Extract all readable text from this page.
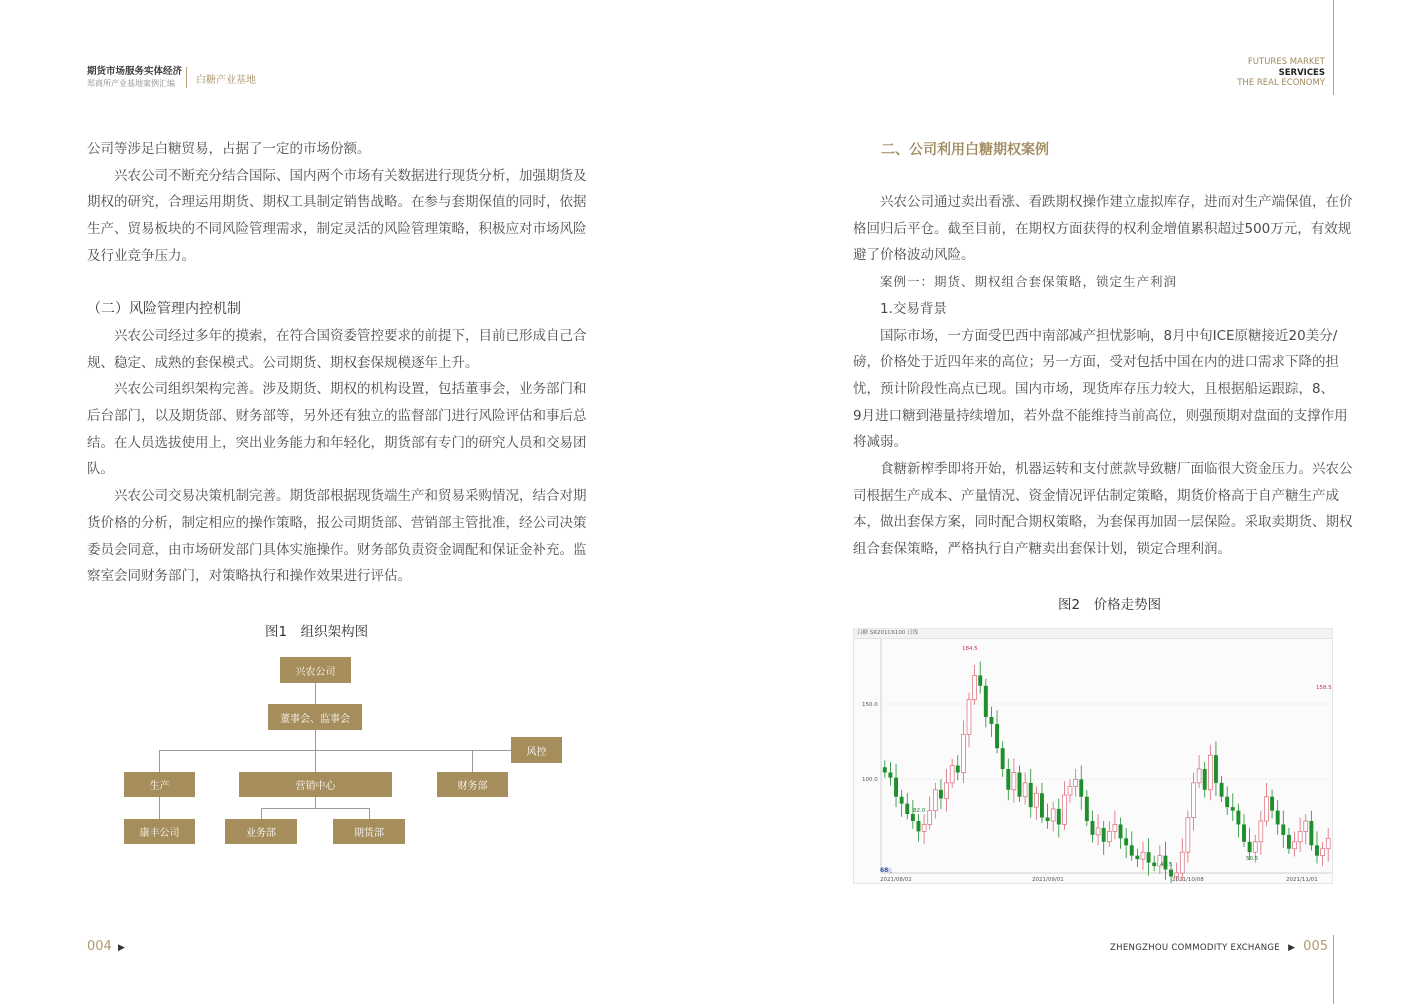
期货市场服务实体经济
郑商所产业基地案例汇编	白糖产业基地
FUTURES MARKET
SERVICES
THE REAL ECONOMY

公司等涉足白糖贸易，占据了一定的市场份额。

　　兴农公司不断充分结合国际、国内两个市场有关数据进行现货分析，加强期货及

期权的研究，合理运用期货、期权工具制定销售战略。在参与套期保值的同时，依据

生产、贸易板块的不同风险管理需求，制定灵活的风险管理策略，积极应对市场风险

及行业竞争压力。

（二）风险管理内控机制

　　兴农公司经过多年的摸索，在符合国资委管控要求的前提下，目前已形成自己合

规、稳定、成熟的套保模式。公司期货、期权套保规模逐年上升。

　　兴农公司组织架构完善。涉及期货、期权的机构设置，包括董事会，业务部门和

后台部门，以及期货部、财务部等，另外还有独立的监督部门进行风险评估和事后总

结。在人员选拔使用上，突出业务能力和年轻化，期货部有专门的研究人员和交易团

队。

　　兴农公司交易决策机制完善。期货部根据现货端生产和贸易采购情况，结合对期

货价格的分析，制定相应的操作策略，报公司期货部、营销部主管批准，经公司决策

委员会同意，由市场研发部门具体实施操作。财务部负责资金调配和保证金补充。监

察室会同财务部门，对策略执行和操作效果进行评估。

图1　组织架构图
兴农公司
董事会、监事会
风控
生产	营销中心	财务部
康丰公司	业务部	期货部
二、公司利用白糖期权案例

　　兴农公司通过卖出看涨、看跌期权操作建立虚拟库存，进而对生产端保值，在价

格回归后平仓。截至目前，在期权方面获得的权利金增值累积超过500万元，有效规

避了价格波动风险。

　　案例一：期货、期权组合套保策略，锁定生产利润

　　1.交易背景

　　国际市场，一方面受巴西中南部减产担忧影响，8月中旬ICE原糖接近20美分/

磅，价格处于近四年来的高位；另一方面，受对包括中国在内的进口需求下降的担

忧，预计阶段性高点已现。国内市场，现货库存压力较大，且根据船运跟踪，8、

9月进口糖到港量持续增加，若外盘不能维持当前高位，则强预期对盘面的支撑作用

将减弱。

　　食糖新榨季即将开始，机器运转和支付蔗款导致糖厂面临很大资金压力。兴农公

司根据生产成本、产量情况、资金情况评估制定策略，期货价格高于自产糖生产成

本，做出套保方案，同时配合期权策略，为套保再加固一层保险。采取卖期货、期权

组合套保策略，严格执行自产糖卖出套保计划，锁定合理利润。

图2　价格走势图
白糖 SR201C6100 日线
150.0
100.0
68
元
2021/08/02	2021/09/01	2021/10/08	2021/11/01
184.5
82.0
46.5
50.5
158.5
004 ▶	ZHENGZHOU COMMODITY EXCHANGE ▶ 005
